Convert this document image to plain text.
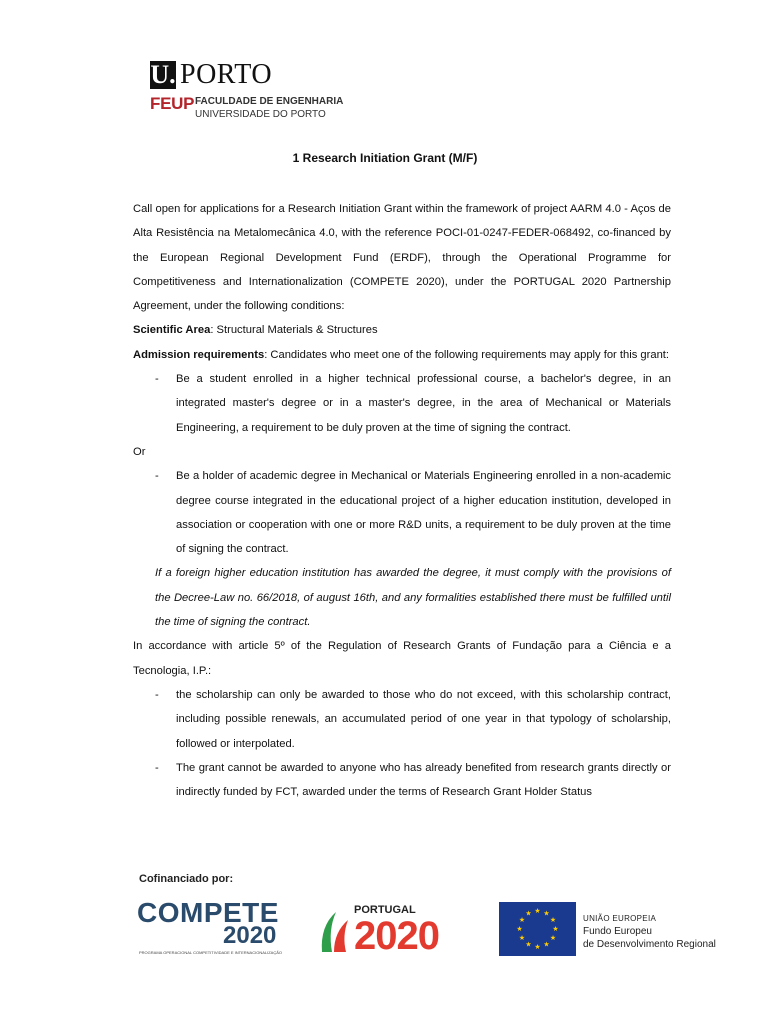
U. PORTO
FEUP FACULDADE DE ENGENHARIA
UNIVERSIDADE DO PORTO
1 Research Initiation Grant (M/F)

Call open for applications for a Research Initiation Grant within the framework of project AARM 4.0 - Aços de Alta Resistência na Metalomecânica 4.0, with the reference POCI-01-0247-FEDER-068492, co-financed by the European Regional Development Fund (ERDF), through the Operational Programme for Competitiveness and Internationalization (COMPETE 2020), under the PORTUGAL 2020 Partnership Agreement, under the following conditions:

Scientific Area: Structural Materials & Structures

Admission requirements: Candidates who meet one of the following requirements may apply for this grant:

-	Be a student enrolled in a higher technical professional course, a bachelor's degree, in an integrated master's degree or in a master's degree, in the area of Mechanical or Materials Engineering, a requirement to be duly proven at the time of signing the contract.

Or

-	Be a holder of academic degree in Mechanical or Materials Engineering enrolled in a non-academic degree course integrated in the educational project of a higher education institution, developed in association or cooperation with one or more R&D units, a requirement to be duly proven at the time of signing the contract.

If a foreign higher education institution has awarded the degree, it must comply with the provisions of the Decree-Law no. 66/2018, of august 16th, and any formalities established there must be fulfilled until the time of signing the contract.

In accordance with article 5º of the Regulation of Research Grants of Fundação para a Ciência e a Tecnologia, I.P.:

-	the scholarship can only be awarded to those who do not exceed, with this scholarship contract, including possible renewals, an accumulated period of one year in that typology of scholarship, followed or interpolated.
-	The grant cannot be awarded to anyone who has already benefited from research grants directly or indirectly funded by FCT, awarded under the terms of Research Grant Holder Status
Cofinanciado por:
COMPETE
2020
PROGRAMA OPERACIONAL COMPETITIVIDADE E INTERNACIONALIZAÇÃO
PORTUGAL
2020
★ ★
★
★
★
★
★
★
★
★
★
★
UNIÃO EUROPEIA
Fundo Europeu
de Desenvolvimento Regional
